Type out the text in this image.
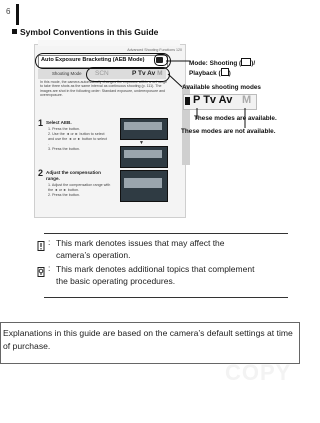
6
Symbol Conventions in this Guide
Advanced Shooting Functions 120
Auto Exposure Bracketing (AEB Mode)
Shooting Mode SCN	P Tv Av M
In this mode, the camera automatically changes the exposure within a set range to take three shots as the same interval as continuous shooting (p. 111). The images are shot in the following order: Standard exposure, underexposure and overexposure.
1 Select AEB.
1. Press the button.
2. Use the ◄ or ► button to select
and use the ◄ or ► button to select
.
3. Press the button.
▼
2 Adjust the compensation range.
1. Adjust the compensation range with
the ◄ or ► button.
2. Press the button.
Mode: Shooting ( )/
Playback ( )
Available shooting modes
P Tv Av M
These modes are available.
These modes are not available.
: This mark denotes issues that may affect the camera’s operation.
: This mark denotes additional topics that complement the basic operating procedures.
Explanations in this guide are based on the camera’s default settings at time of purchase.
COPY
